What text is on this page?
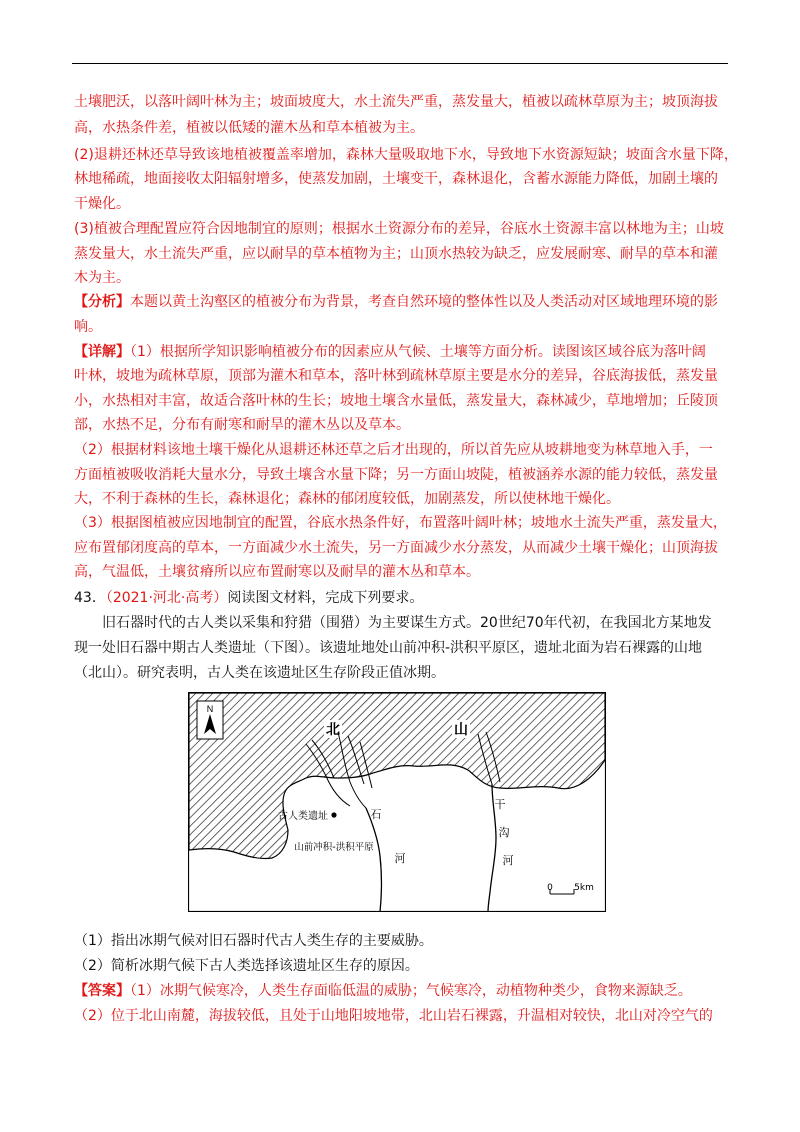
土壤肥沃，以落叶阔叶林为主；坡面坡度大，水土流失严重，蒸发量大，植被以疏林草原为主；坡顶海拔
高，水热条件差，植被以低矮的灌木丛和草本植被为主。
(2)退耕还林还草导致该地植被覆盖率增加，森林大量吸取地下水，导致地下水资源短缺；坡面含水量下降，
林地稀疏，地面接收太阳辐射增多，使蒸发加剧，土壤变干，森林退化，含蓄水源能力降低，加剧土壤的
干燥化。
(3)植被合理配置应符合因地制宜的原则；根据水土资源分布的差异，谷底水土资源丰富以林地为主；山坡
蒸发量大，水土流失严重，应以耐旱的草本植物为主；山顶水热较为缺乏，应发展耐寒、耐旱的草本和灌
木为主。
【分析】本题以黄土沟壑区的植被分布为背景，考查自然环境的整体性以及人类活动对区域地理环境的影
响。
【详解】（1）根据所学知识影响植被分布的因素应从气候、土壤等方面分析。读图该区域谷底为落叶阔
叶林，坡地为疏林草原，顶部为灌木和草本，落叶林到疏林草原主要是水分的差异，谷底海拔低，蒸发量
小，水热相对丰富，故适合落叶林的生长；坡地土壤含水量低，蒸发量大，森林减少，草地增加；丘陵顶
部，水热不足，分布有耐寒和耐旱的灌木丛以及草本。
（2）根据材料该地土壤干燥化从退耕还林还草之后才出现的，所以首先应从坡耕地变为林草地入手，一
方面植被吸收消耗大量水分，导致土壤含水量下降；另一方面山坡陡，植被涵养水源的能力较低，蒸发量
大，不利于森林的生长，森林退化；森林的郁闭度较低，加剧蒸发，所以使林地干燥化。
（3）根据图植被应因地制宜的配置，谷底水热条件好，布置落叶阔叶林；坡地水土流失严重，蒸发量大，
应布置郁闭度高的草本，一方面减少水土流失，另一方面减少水分蒸发，从而减少土壤干燥化；山顶海拔
高，气温低，土壤贫瘠所以应布置耐寒以及耐旱的灌木丛和草本。
43．（2021·河北·高考）阅读图文材料，完成下列要求。
旧石器时代的古人类以采集和狩猎（围猎）为主要谋生方式。20世纪70年代初，在我国北方某地发
现一处旧石器中期古人类遗址（下图）。该遗址地处山前冲积-洪积平原区，遗址北面为岩石裸露的山地
（北山）。研究表明，古人类在该遗址区生存阶段正值冰期。
N
北	山
古人类遗址	石
河
干
沟
河
山前冲积-洪积平原
0 5km
（1）指出冰期气候对旧石器时代古人类生存的主要威胁。
（2）简析冰期气候下古人类选择该遗址区生存的原因。
【答案】（1）冰期气候寒冷，人类生存面临低温的威胁；气候寒冷，动植物种类少，食物来源缺乏。
（2）位于北山南麓，海拔较低，且处于山地阳坡地带，北山岩石裸露，升温相对较快，北山对冷空气的
